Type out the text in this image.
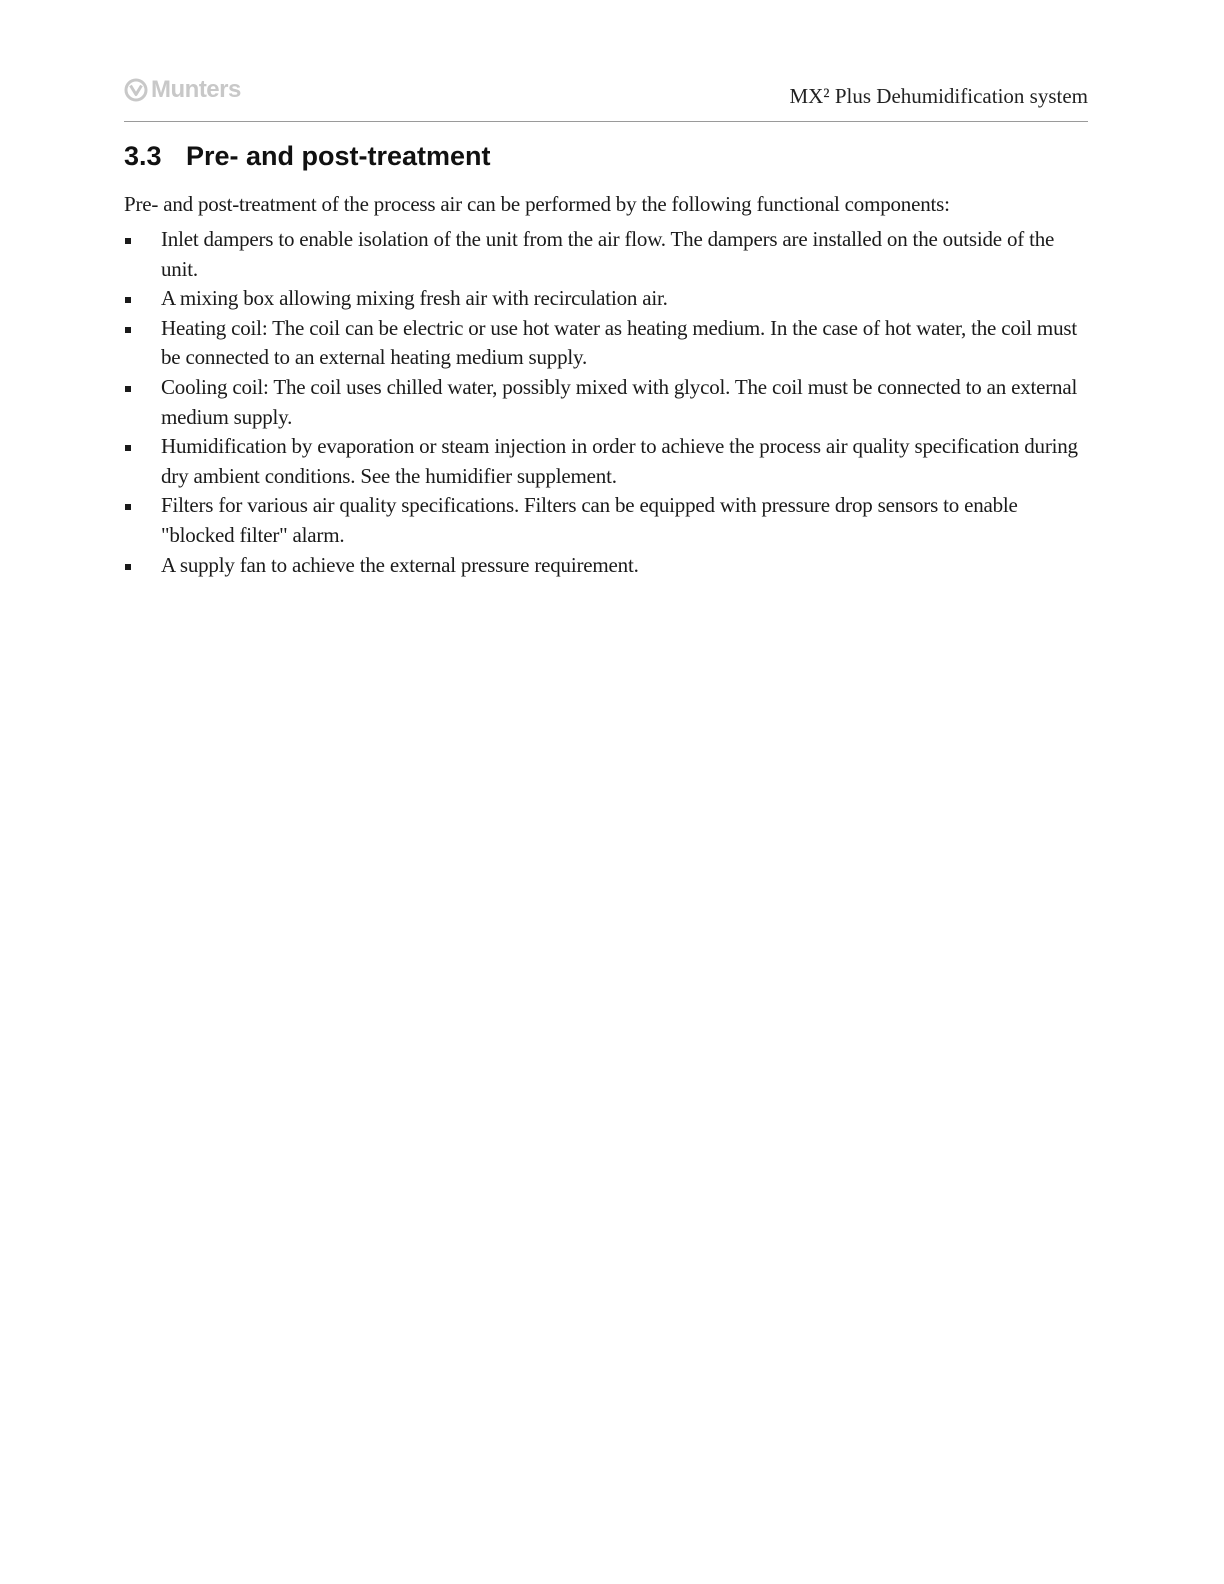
Munters	MX² Plus Dehumidification system
3.3 Pre- and post-treatment

Pre- and post-treatment of the process air can be performed by the following functional components:

Inlet dampers to enable isolation of the unit from the air flow. The dampers are installed on the outside of the unit.
A mixing box allowing mixing fresh air with recirculation air.
Heating coil: The coil can be electric or use hot water as heating medium. In the case of hot water, the coil must be connected to an external heating medium supply.
Cooling coil: The coil uses chilled water, possibly mixed with glycol. The coil must be connected to an external medium supply.
Humidification by evaporation or steam injection in order to achieve the process air quality specification during dry ambient conditions. See the humidifier supplement.
Filters for various air quality specifications. Filters can be equipped with pressure drop sensors to enable "blocked filter" alarm.
A supply fan to achieve the external pressure requirement.
